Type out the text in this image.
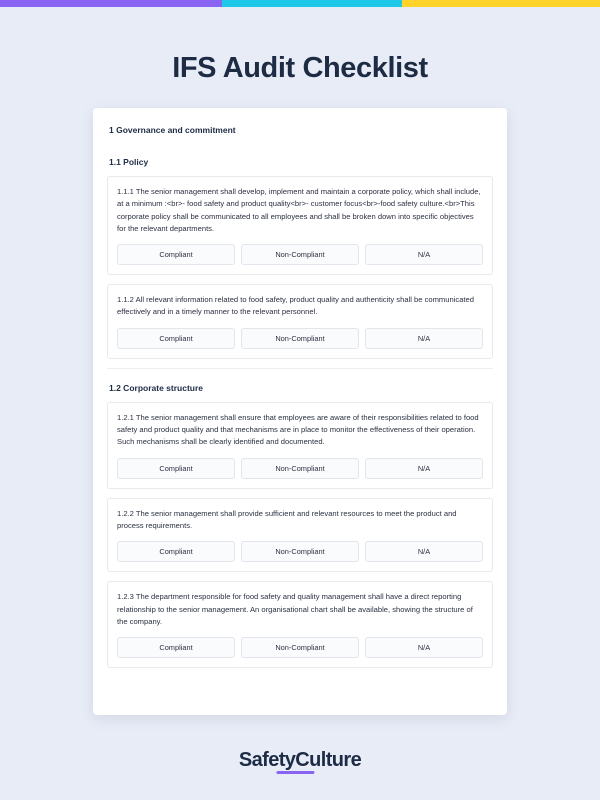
IFS Audit Checklist
1 Governance and commitment
1.1 Policy
1.1.1 The senior management shall develop, implement and maintain a corporate policy, which shall include, at a minimum :<br>- food safety and product quality<br>- customer focus<br>-food safety culture.<br>This corporate policy shall be communicated to all employees and shall be broken down into specific objectives for the relevant departments.
Compliant	Non-Compliant	N/A
1.1.2 All relevant information related to food safety, product quality and authenticity shall be communicated effectively and in a timely manner to the relevant personnel.
Compliant	Non-Compliant	N/A
1.2 Corporate structure
1.2.1 The senior management shall ensure that employees are aware of their responsibilities related to food safety and product quality and that mechanisms are in place to monitor the effectiveness of their operation. Such mechanisms shall be clearly identified and documented.
Compliant	Non-Compliant	N/A
1.2.2 The senior management shall provide sufficient and relevant resources to meet the product and process requirements.
Compliant	Non-Compliant	N/A
1.2.3 The department responsible for food safety and quality management shall have a direct reporting relationship to the senior management. An organisational chart shall be available, showing the structure of the company.
Compliant	Non-Compliant	N/A
SafetyCulture
